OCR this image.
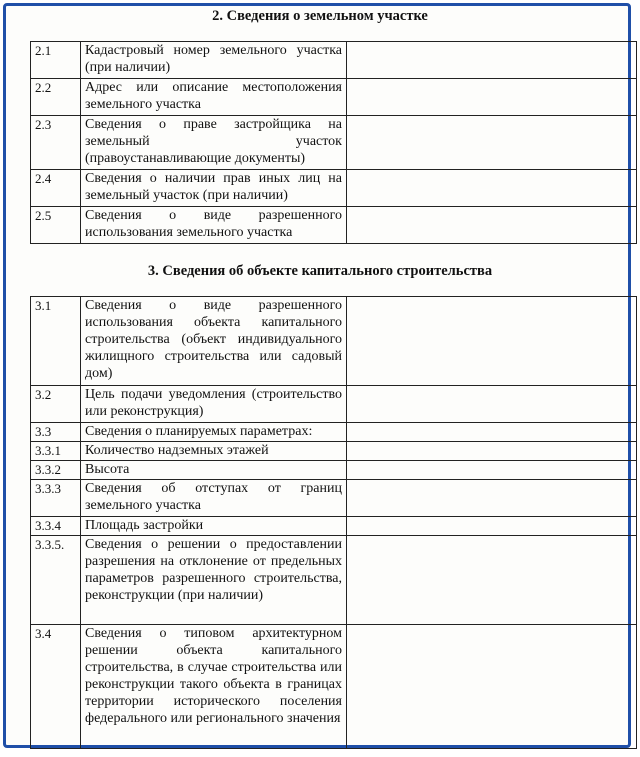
2. Сведения о земельном участке
2.1	Кадастровый номер земельного участка (при наличии)	
2.2	Адрес или описание местоположения земельного участка	
2.3	Сведения о праве застройщика на земельный участок (правоустанавливающие документы)	
2.4	Сведения о наличии прав иных лиц на земельный участок (при наличии)	
2.5	Сведения о виде разрешенного использования земельного участка	
3. Сведения об объекте капитального строительства
3.1	Сведения о виде разрешенного использования объекта капитального строительства (объект индивидуального жилищного строительства или садовый дом)	
3.2	Цель подачи уведомления (строительство или реконструкция)	
3.3	Сведения о планируемых параметрах:	
3.3.1	Количество надземных этажей	
3.3.2	Высота	
3.3.3	Сведения об отступах от границ земельного участка	
3.3.4	Площадь застройки	
3.3.5.	Сведения о решении о предоставлении разрешения на отклонение от предельных параметров разрешенного строительства, реконструкции (при наличии)	
3.4	Сведения о типовом архитектурном решении объекта капитального строительства, в случае строительства или реконструкции такого объекта в границах территории исторического поселения федерального или регионального значения	
